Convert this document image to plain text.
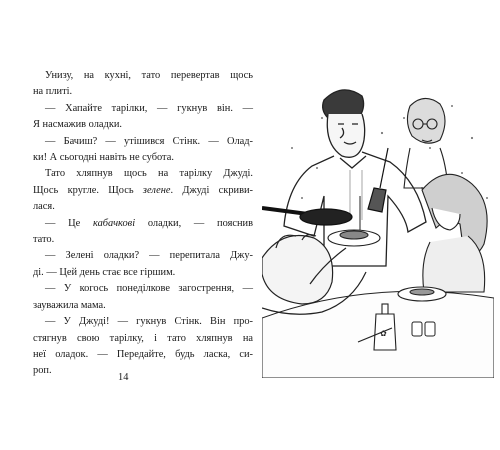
Унизу, на кухні, тато перевертав щось
на плиті.
— Хапайте тарілки, — гукнув він. —
Я насмажив оладки.
— Бачиш? — утішився Стінк. — Олад-
ки! А сьогодні навіть не субота.
Тато хляпнув щось на тарілку Джуді.
Щось кругле. Щось зелене. Джуді скриви-
лася.
— Це кабачкові оладки, — пояснив
тато.
— Зелені оладки? — перепитала Джу-
ді. — Цей день стає все гіршим.
— У когось понеділкове загострення, —
зауважила мама.
— У Джуді! — гукнув Стінк. Він про-
стягнув свою тарілку, і тато хляпнув на
неї оладок. — Передайте, будь ласка, си-
роп.
14
✿
